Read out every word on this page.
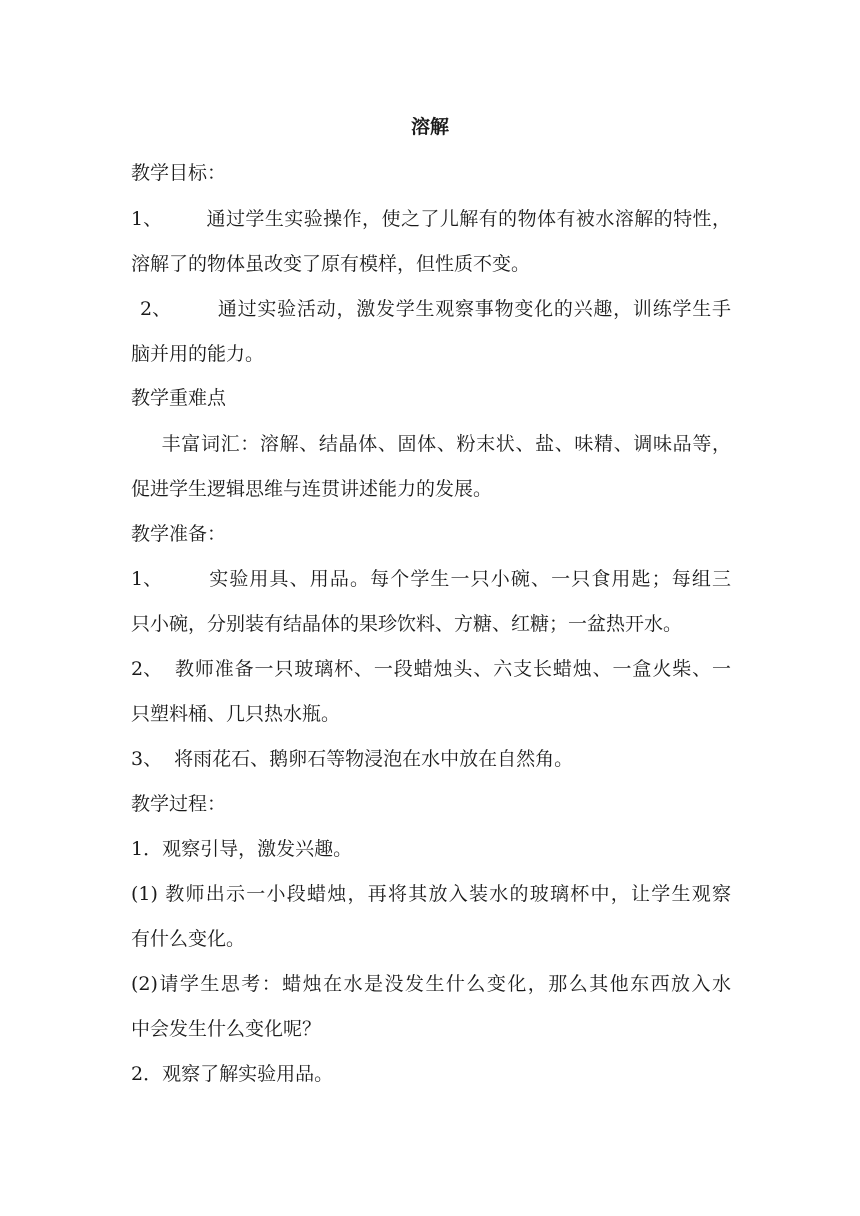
溶解
教学目标：
1、 通过学生实验操作，使之了儿解有的物体有被水溶解的特性，
溶解了的物体虽改变了原有模样，但性质不变。
2、 通过实验活动，激发学生观察事物变化的兴趣，训练学生手
脑并用的能力。
教学重难点
丰富词汇：溶解、结晶体、固体、粉末状、盐、味精、调味品等，
促进学生逻辑思维与连贯讲述能力的发展。
教学准备：
1、 实验用具、用品。每个学生一只小碗、一只食用匙；每组三
只小碗，分别装有结晶体的果珍饮料、方糖、红糖；一盆热开水。
2、 教师准备一只玻璃杯、一段蜡烛头、六支长蜡烛、一盒火柴、一
只塑料桶、几只热水瓶。
3、 将雨花石、鹅卵石等物浸泡在水中放在自然角。
教学过程：
1．观察引导，激发兴趣。
(1) 教师出示一小段蜡烛，再将其放入装水的玻璃杯中，让学生观察
有什么变化。
(2)请学生思考：蜡烛在水是没发生什么变化，那么其他东西放入水
中会发生什么变化呢？
2．观察了解实验用品。
